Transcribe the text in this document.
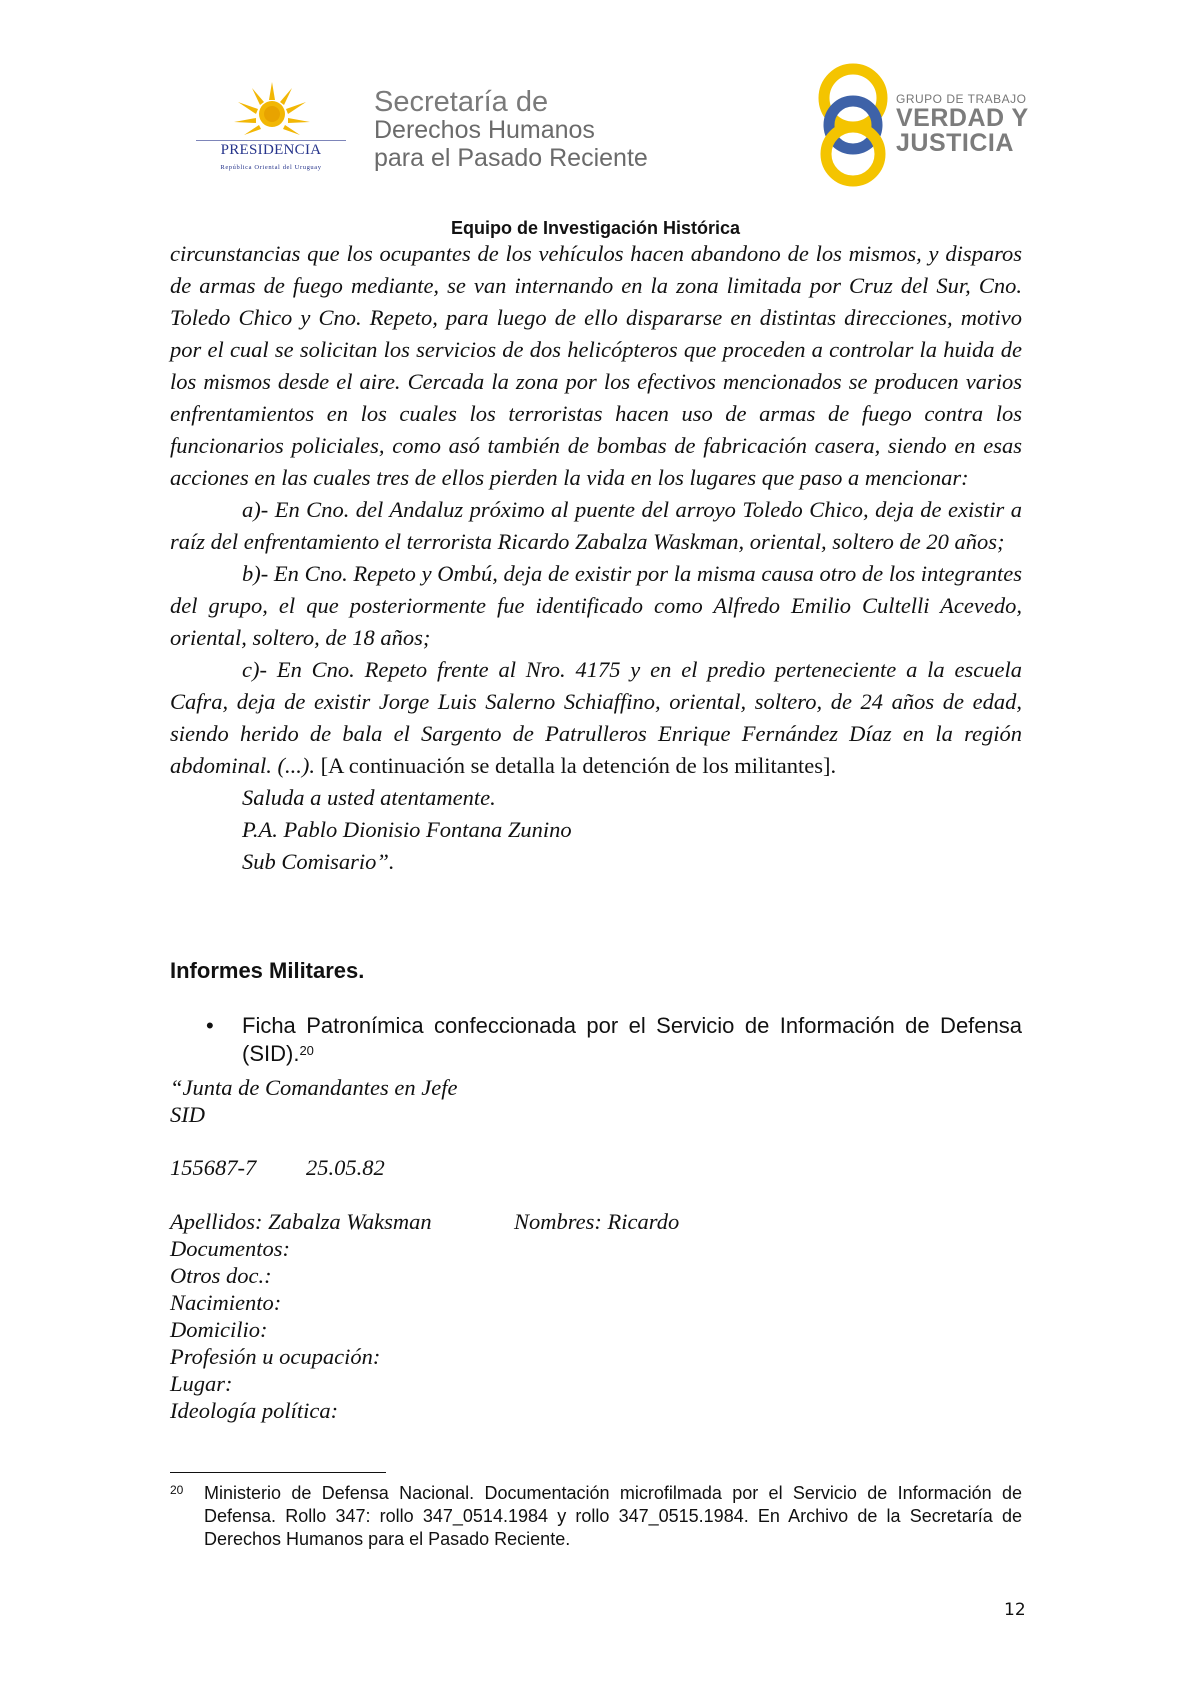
PRESIDENCIA
República Oriental del Uruguay
Secretaría de
Derechos Humanos
para el Pasado Reciente
GRUPO DE TRABAJO
VERDAD Y
JUSTICIA
Equipo de Investigación Histórica

circunstancias que los ocupantes de los vehículos hacen abandono de los mismos, y disparos de armas de fuego mediante, se van internando en la zona limitada por Cruz del Sur, Cno. Toledo Chico y Cno. Repeto, para luego de ello dispararse en distintas direcciones, motivo por el cual se solicitan los servicios de dos helicópteros que proceden a controlar la huida de los mismos desde el aire. Cercada la zona por los efectivos mencionados se producen varios enfrentamientos en los cuales los terroristas hacen uso de armas de fuego contra los funcionarios policiales, como asó también de bombas de fabricación casera, siendo en esas acciones en las cuales tres de ellos pierden la vida en los lugares que paso a mencionar:

a)- En Cno. del Andaluz próximo al puente del arroyo Toledo Chico, deja de existir a raíz del enfrentamiento el terrorista Ricardo Zabalza Waskman, oriental, soltero de 20 años;

b)- En Cno. Repeto y Ombú, deja de existir por la misma causa otro de los integrantes del grupo, el que posteriormente fue identificado como Alfredo Emilio Cultelli Acevedo, oriental, soltero, de 18 años;

c)- En Cno. Repeto frente al Nro. 4175 y en el predio perteneciente a la escuela Cafra, deja de existir Jorge Luis Salerno Schiaffino, oriental, soltero, de 24 años de edad, siendo herido de bala el Sargento de Patrulleros Enrique Fernández Díaz en la región abdominal. (...). [A continuación se detalla la detención de los militantes].

Saluda a usted atentamente.

P.A. Pablo Dionisio Fontana Zunino

Sub Comisario”.

Informes Militares.
• Ficha Patronímica confeccionada por el Servicio de Información de Defensa (SID).$^{20}$
“Junta de Comandantes en Jefe
SID
155687-7 25.05.82
Apellidos: Zabalza Waksman	Nombres: Ricardo
Documentos:
Otros doc.:
Nacimiento:
Domicilio:
Profesión u ocupación:
Lugar:
Ideología política:
20 Ministerio de Defensa Nacional. Documentación microfilmada por el Servicio de Información de Defensa. Rollo 347: rollo 347_0514.1984 y rollo 347_0515.1984. En Archivo de la Secretaría de Derechos Humanos para el Pasado Reciente.
12
